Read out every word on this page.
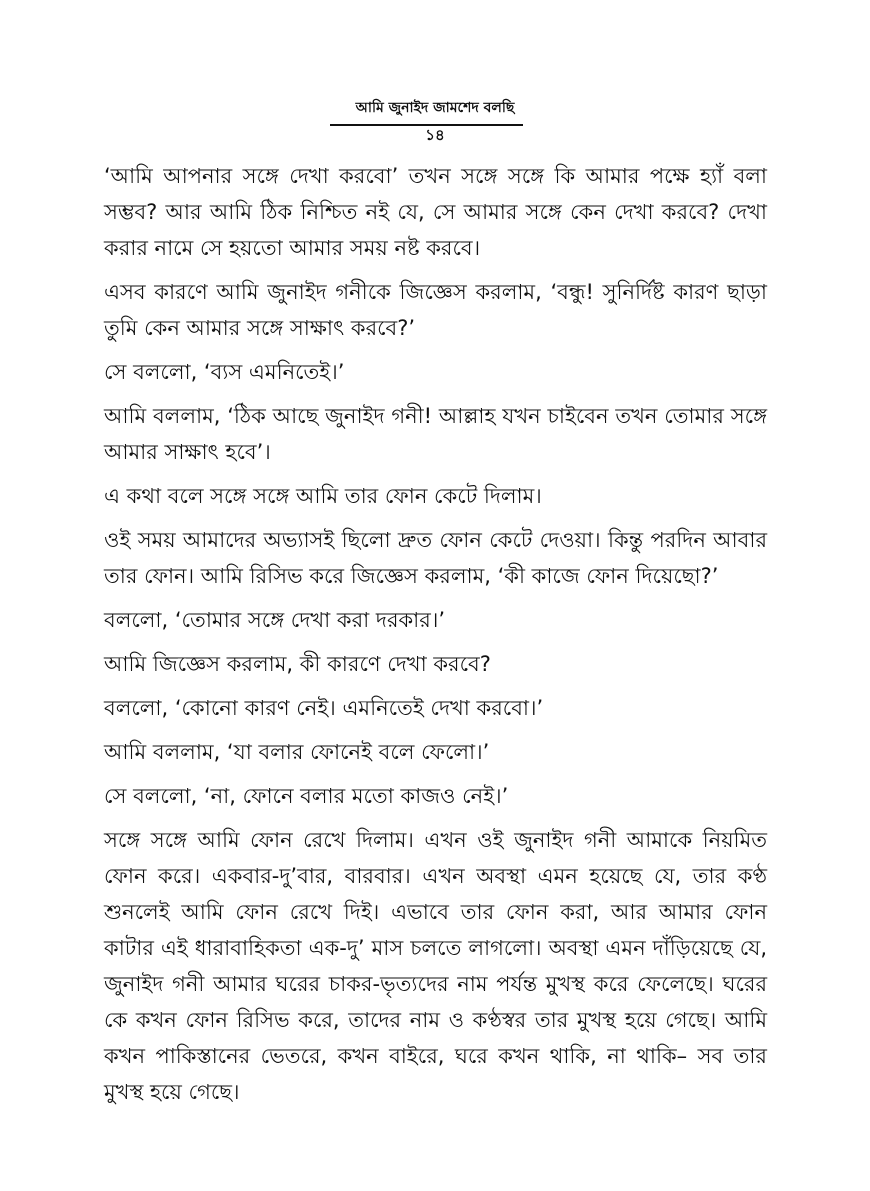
আমি জুনাইদ জামশেদ বলছি
১৪

‘আমি আপনার সঙ্গে দেখা করবো’ তখন সঙ্গে সঙ্গে কি আমার পক্ষে হ্যাঁ বলা সম্ভব? আর আমি ঠিক নিশ্চিত নই যে, সে আমার সঙ্গে কেন দেখা করবে? দেখা করার নামে সে হয়তো আমার সময় নষ্ট করবে।

এসব কারণে আমি জুনাইদ গনীকে জিজ্ঞেস করলাম, ‘বন্ধু! সুনির্দিষ্ট কারণ ছাড়া তুমি কেন আমার সঙ্গে সাক্ষাৎ করবে?’

সে বললো, ‘ব্যস এমনিতেই।’

আমি বললাম, ‘ঠিক আছে জুনাইদ গনী! আল্লাহ যখন চাইবেন তখন তোমার সঙ্গে আমার সাক্ষাৎ হবে’।

এ কথা বলে সঙ্গে সঙ্গে আমি তার ফোন কেটে দিলাম।

ওই সময় আমাদের অভ্যাসই ছিলো দ্রুত ফোন কেটে দেওয়া। কিন্তু পরদিন আবার তার ফোন। আমি রিসিভ করে জিজ্ঞেস করলাম, ‘কী কাজে ফোন দিয়েছো?’

বললো, ‘তোমার সঙ্গে দেখা করা দরকার।’

আমি জিজ্ঞেস করলাম, কী কারণে দেখা করবে?

বললো, ‘কোনো কারণ নেই। এমনিতেই দেখা করবো।’

আমি বললাম, ‘যা বলার ফোনেই বলে ফেলো।’

সে বললো, ‘না, ফোনে বলার মতো কাজও নেই।’

সঙ্গে সঙ্গে আমি ফোন রেখে দিলাম। এখন ওই জুনাইদ গনী আমাকে নিয়মিত ফোন করে। একবার-দু’বার, বারবার। এখন অবস্থা এমন হয়েছে যে, তার কণ্ঠ শুনলেই আমি ফোন রেখে দিই। এভাবে তার ফোন করা, আর আমার ফোন কাটার এই ধারাবাহিকতা এক-দু’ মাস চলতে লাগলো। অবস্থা এমন দাঁড়িয়েছে যে, জুনাইদ গনী আমার ঘরের চাকর-ভৃত্যদের নাম পর্যন্ত মুখস্থ করে ফেলেছে। ঘরের কে কখন ফোন রিসিভ করে, তাদের নাম ও কণ্ঠস্বর তার মুখস্থ হয়ে গেছে। আমি কখন পাকিস্তানের ভেতরে, কখন বাইরে, ঘরে কখন থাকি, না থাকি– সব তার মুখস্থ হয়ে গেছে।
